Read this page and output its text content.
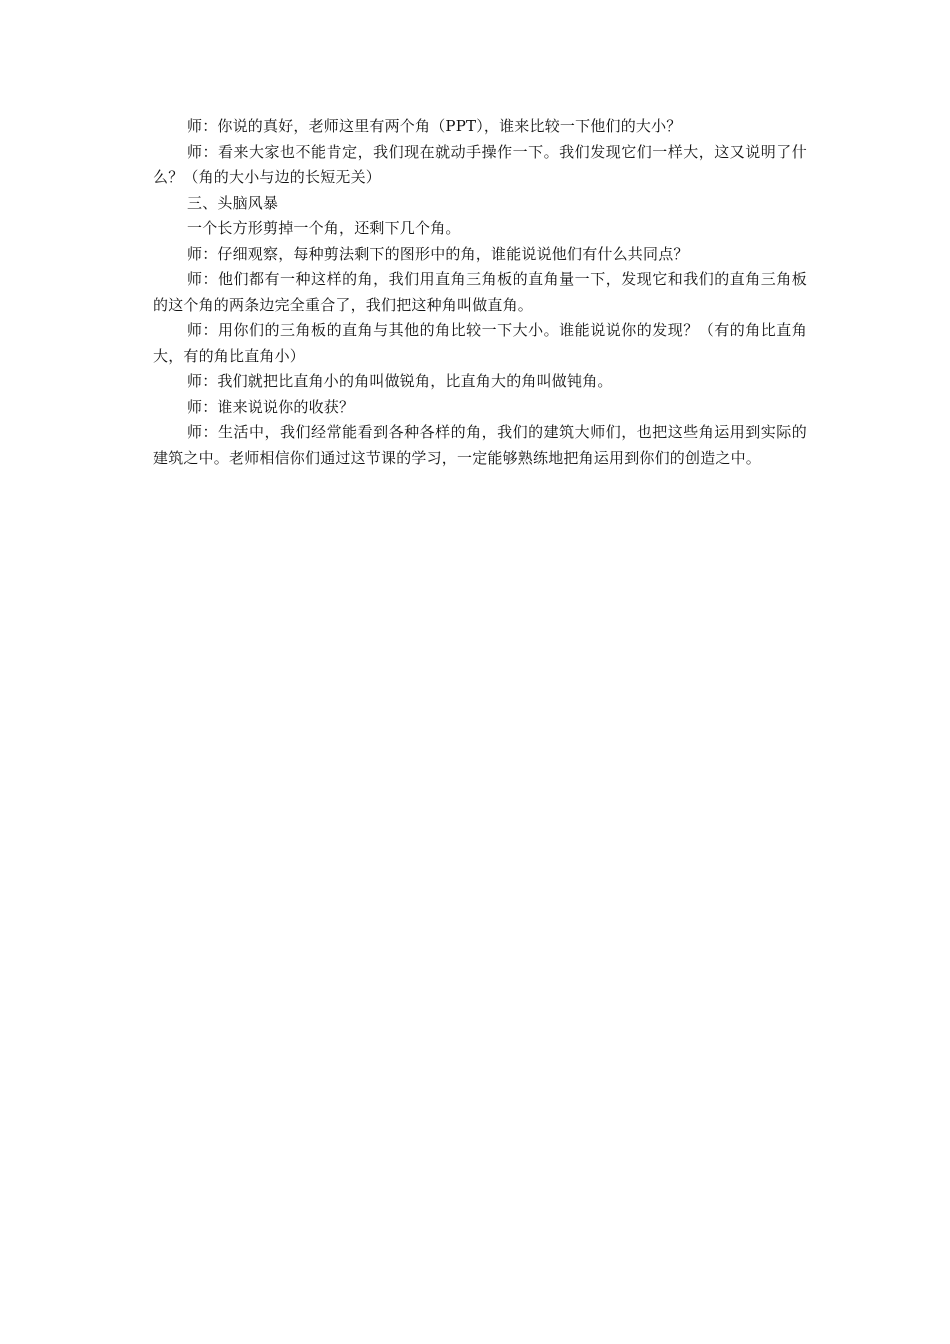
师：你说的真好，老师这里有两个角（PPT），谁来比较一下他们的大小？

师：看来大家也不能肯定，我们现在就动手操作一下。我们发现它们一样大，这又说明了什么？（角的大小与边的长短无关）

三、头脑风暴

一个长方形剪掉一个角，还剩下几个角。

师：仔细观察，每种剪法剩下的图形中的角，谁能说说他们有什么共同点？

师：他们都有一种这样的角，我们用直角三角板的直角量一下，发现它和我们的直角三角板的这个角的两条边完全重合了，我们把这种角叫做直角。

师：用你们的三角板的直角与其他的角比较一下大小。谁能说说你的发现？（有的角比直角大，有的角比直角小）

师：我们就把比直角小的角叫做锐角，比直角大的角叫做钝角。

师：谁来说说你的收获？

师：生活中，我们经常能看到各种各样的角，我们的建筑大师们，也把这些角运用到实际的建筑之中。老师相信你们通过这节课的学习，一定能够熟练地把角运用到你们的创造之中。
